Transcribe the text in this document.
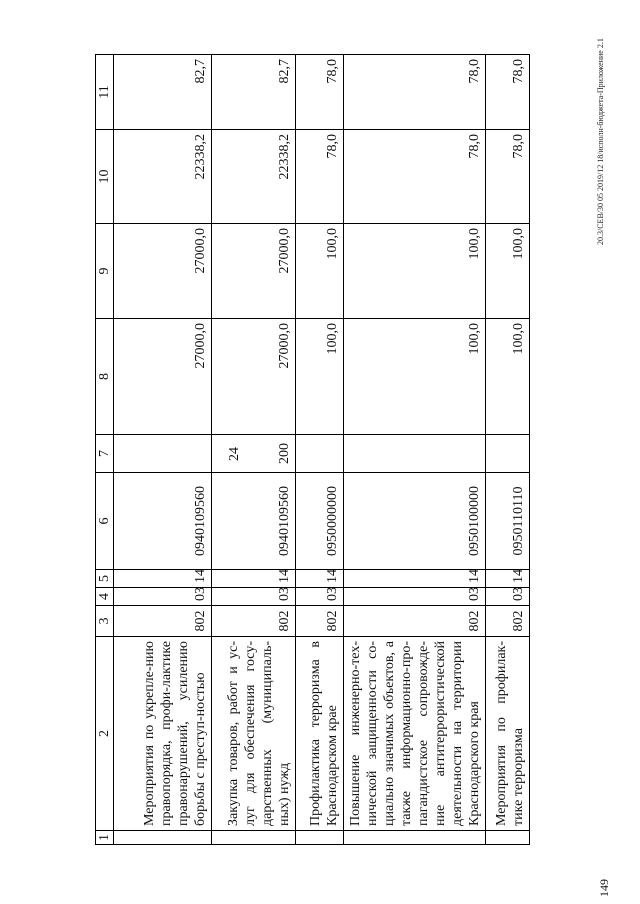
24
20.3/СЕВ/30 05 2019/12 18/исполн-бюджета-Приложение 2.1
149
1	2	3	4	5	6	7	8	9	10	11
	Мероприятия по укрепле-нию правопорядка, профи-лактике правонарушений, усилению борьбы с преступ-ностью	802	03	14	0940109560		27000,0	27000,0	22338,2	82,7
	Закупка товаров, работ и ус-луг для обеспечения госу-дарственных (муниципаль-ных) нужд	802	03	14	0940109560	200	27000,0	27000,0	22338,2	82,7
	Профилактика терроризма в Краснодарском крае	802	03	14	0950000000		100,0	100,0	78,0	78,0
	Повышение инженерно-тех-нической защищенности со-циально значимых объектов, а также информационно-про-пагандистское сопровожде-ние антитеррористической деятельности на территории Краснодарского края	802	03	14	0950100000		100,0	100,0	78,0	78,0
	Мероприятия по профилак-тике терроризма	802	03	14	0950110110		100,0	100,0	78,0	78,0
